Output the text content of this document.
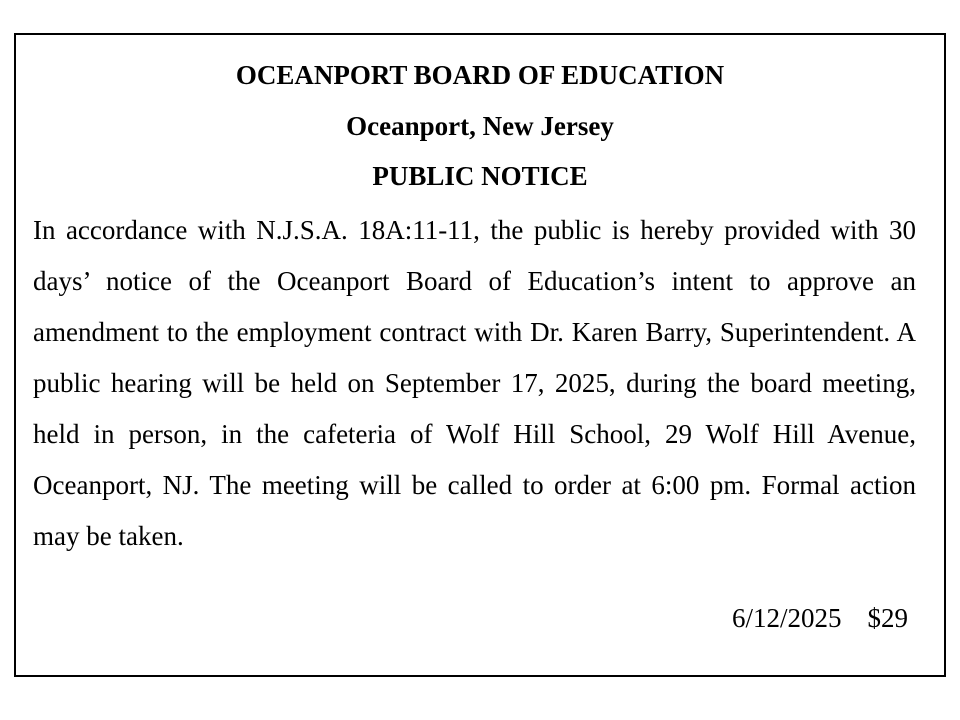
OCEANPORT BOARD OF EDUCATION
Oceanport, New Jersey
PUBLIC NOTICE

In accordance with N.J.S.A. 18A:11-11, the public is hereby provided with 30 days’ notice of the Oceanport Board of Education’s intent to approve an amendment to the employment contract with Dr. Karen Barry, Superintendent. A public hearing will be held on September 17, 2025, during the board meeting, held in person, in the cafeteria of Wolf Hill School, 29 Wolf Hill Avenue, Oceanport, NJ. The meeting will be called to order at 6:00 pm. Formal action may be taken.

6/12/2025 $29
